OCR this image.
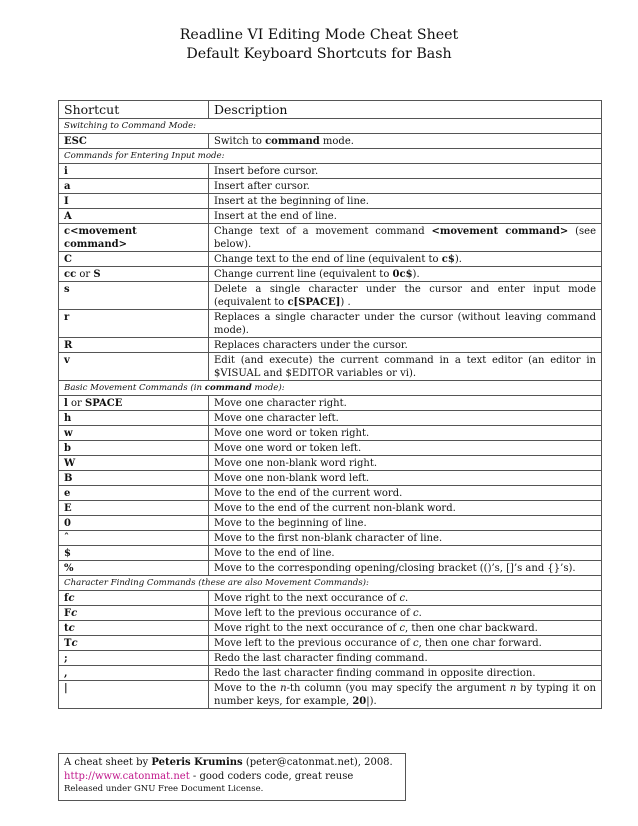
Readline VI Editing Mode Cheat Sheet
Default Keyboard Shortcuts for Bash
Shortcut	Description
Switching to Command Mode:	
ESC	Switch to command mode.
Commands for Entering Input mode:	
i	Insert before cursor.
a	Insert after cursor.
I	Insert at the beginning of line.
A	Insert at the end of line.
c<movement command>	Change text of a movement command <movement command> (see below).
C	Change text to the end of line (equivalent to c$).
cc or S	Change current line (equivalent to 0c$).
s	Delete a single character under the cursor and enter input mode (equivalent to c[SPACE]) .
r	Replaces a single character under the cursor (without leaving command mode).
R	Replaces characters under the cursor.
v	Edit (and execute) the current command in a text editor (an editor in $VISUAL and $EDITOR variables or vi).
Basic Movement Commands (in command mode):	
l or SPACE	Move one character right.
h	Move one character left.
w	Move one word or token right.
b	Move one word or token left.
W	Move one non-blank word right.
B	Move one non-blank word left.
e	Move to the end of the current word.
E	Move to the end of the current non-blank word.
0	Move to the beginning of line.
ˆ	Move to the first non-blank character of line.
$	Move to the end of line.
%	Move to the corresponding opening/closing bracket (()’s, []’s and {}’s).
Character Finding Commands (these are also Movement Commands):	
fc	Move right to the next occurance of c.
Fc	Move left to the previous occurance of c.
tc	Move right to the next occurance of c, then one char backward.
Tc	Move left to the previous occurance of c, then one char forward.
;	Redo the last character finding command.
,	Redo the last character finding command in opposite direction.
|	Move to the n-th column (you may specify the argument n by typing it on number keys, for example, 20|).
A cheat sheet by Peteris Krumins (peter@catonmat.net), 2008.
http://www.catonmat.net - good coders code, great reuse
Released under GNU Free Document License.
